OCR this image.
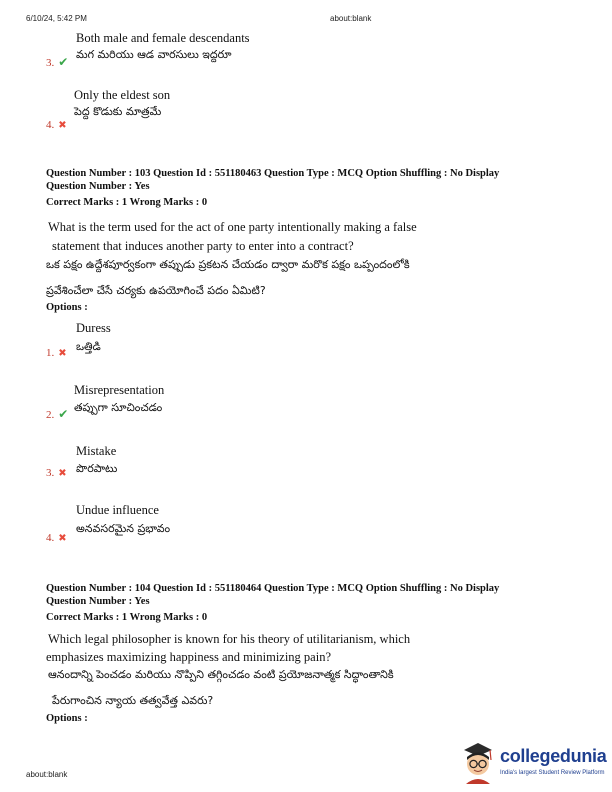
6/10/24, 5:42 PM	about:blank
Both male and female descendants
మగ మరియు ఆడ వారసులు ఇద్దరూ
3. ✔
Only the eldest son
పెద్ద కొడుకు మాత్రమే
4. ✖
Question Number : 103 Question Id : 551180463 Question Type : MCQ Option Shuffling : No Display
Question Number : Yes
Correct Marks : 1 Wrong Marks : 0
What is the term used for the act of one party intentionally making a false
statement that induces another party to enter into a contract?
ఒక పక్షం ఉద్దేశపూర్వకంగా తప్పుడు ప్రకటన చేయడం ద్వారా మరొక పక్షం ఒప్పందంలోకి
ప్రవేశించేలా చేసే చర్యకు ఉపయోగించే పదం ఏమిటి?
Options :
Duress
ఒత్తిడి
1. ✖
Misrepresentation
తప్పుగా సూచించడం
2. ✔
Mistake
పొరపాటు
3. ✖
Undue influence
అనవసరమైన ప్రభావం
4. ✖
Question Number : 104 Question Id : 551180464 Question Type : MCQ Option Shuffling : No Display
Question Number : Yes
Correct Marks : 1 Wrong Marks : 0
Which legal philosopher is known for his theory of utilitarianism, which
emphasizes maximizing happiness and minimizing pain?
ఆనందాన్ని పెంచడం మరియు నొప్పిని తగ్గించడం వంటి ప్రయోజనాత్మక సిద్ధాంతానికి
పేరుగాంచిన న్యాయ తత్వవేత్త ఎవరు?
Options :
about:blank
collegedunia
India's largest Student Review Platform
